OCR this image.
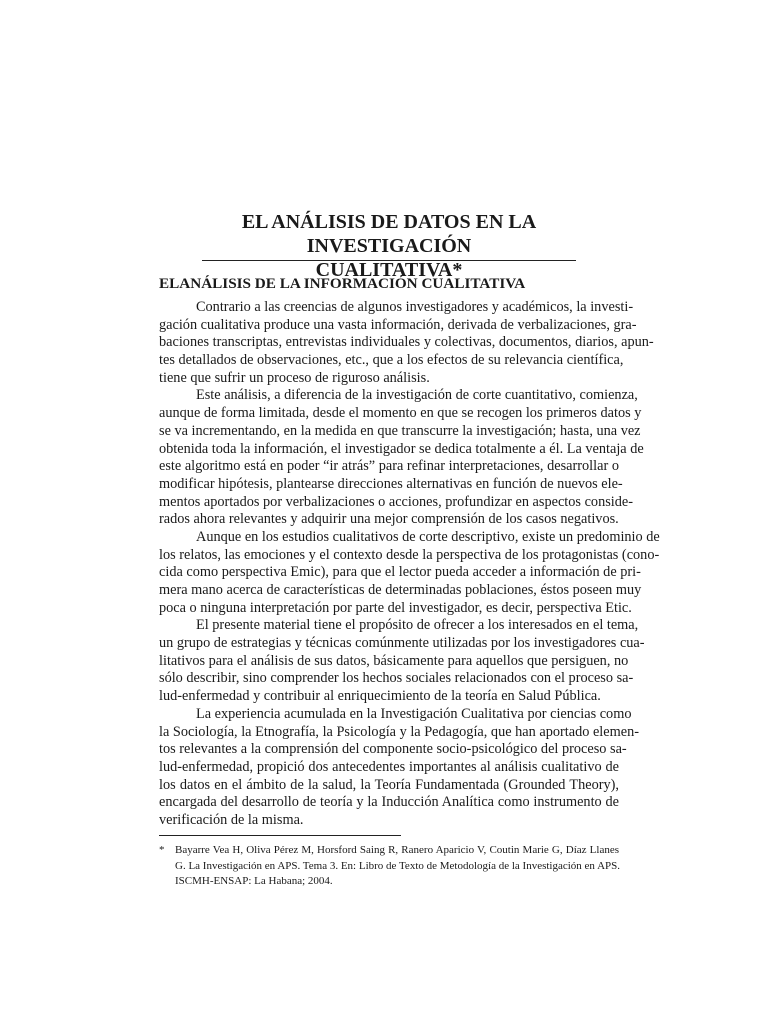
EL ANÁLISIS DE DATOS EN LA INVESTIGACIÓN
CUALITATIVA*
ELANÁLISIS DE LA INFORMACIÓN CUALITATIVA

Contrario a las creencias de algunos investigadores y académicos, la investi-
gación cualitativa produce una vasta información, derivada de verbalizaciones, gra-
baciones transcriptas, entrevistas individuales y colectivas, documentos, diarios, apun-
tes detallados de observaciones, etc., que a los efectos de su relevancia científica,
tiene que sufrir un proceso de riguroso análisis.

Este análisis, a diferencia de la investigación de corte cuantitativo, comienza,
aunque de forma limitada, desde el momento en que se recogen los primeros datos y
se va incrementando, en la medida en que transcurre la investigación; hasta, una vez
obtenida toda la información, el investigador se dedica totalmente a él. La ventaja de
este algoritmo está en poder “ir atrás” para refinar interpretaciones, desarrollar o
modificar hipótesis, plantearse direcciones alternativas en función de nuevos ele-
mentos aportados por verbalizaciones o acciones, profundizar en aspectos conside-
rados ahora relevantes y adquirir una mejor comprensión de los casos negativos.

Aunque en los estudios cualitativos de corte descriptivo, existe un predominio de
los relatos, las emociones y el contexto desde la perspectiva de los protagonistas (cono-
cida como perspectiva Emic), para que el lector pueda acceder a información de pri-
mera mano acerca de características de determinadas poblaciones, éstos poseen muy
poca o ninguna interpretación por parte del investigador, es decir, perspectiva Etic.

El presente material tiene el propósito de ofrecer a los interesados en el tema,
un grupo de estrategias y técnicas comúnmente utilizadas por los investigadores cua-
litativos para el análisis de sus datos, básicamente para aquellos que persiguen, no
sólo describir, sino comprender los hechos sociales relacionados con el proceso sa-
lud-enfermedad y contribuir al enriquecimiento de la teoría en Salud Pública.

La experiencia acumulada en la Investigación Cualitativa por ciencias como
la Sociología, la Etnografía, la Psicología y la Pedagogía, que han aportado elemen-
tos relevantes a la comprensión del componente socio-psicológico del proceso sa-
lud-enfermedad, propició dos antecedentes importantes al análisis cualitativo de
los datos en el ámbito de la salud, la Teoría Fundamentada (Grounded Theory),
encargada del desarrollo de teoría y la Inducción Analítica como instrumento de
verificación de la misma.

* Bayarre Vea H, Oliva Pérez M, Horsford Saing R, Ranero Aparicio V, Coutin Marie G, Díaz Llanes
G. La Investigación en APS. Tema 3. En: Libro de Texto de Metodología de la Investigación en APS.
ISCMH-ENSAP: La Habana; 2004.
